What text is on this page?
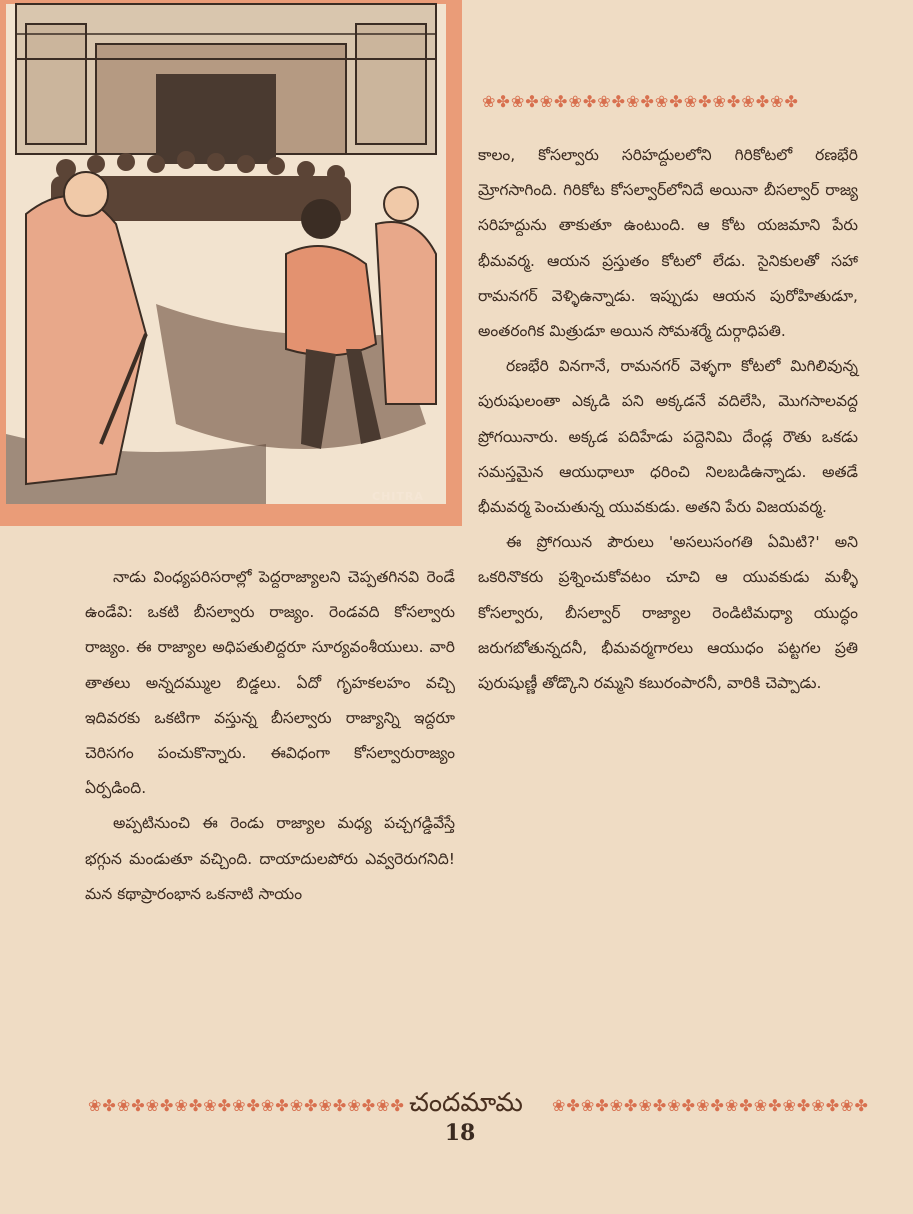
CHITRA
❀✤❀✤❀✤❀✤❀✤❀✤❀✤❀✤❀✤❀✤❀✤

కాలం, కోసల్వారు సరిహద్దులలోని గిరికోటలో రణభేరి మ్రోగసాగింది. గిరికోట కోసల్వార్‌లోనిదే అయినా బీసల్వార్ రాజ్య సరిహద్దును తాకుతూ ఉంటుంది. ఆ కోట యజమాని పేరు భీమవర్మ. ఆయన ప్రస్తుతం కోటలో లేడు. సైనికులతో సహా రామనగర్ వెళ్ళిఉన్నాడు. ఇప్పుడు ఆయన పురోహితుడూ, అంతరంగిక మిత్రుడూ అయిన సోమశర్మే దుర్గాధిపతి.

రణభేరి వినగానే, రామనగర్ వెళ్ళగా కోటలో మిగిలివున్న పురుషులంతా ఎక్కడి పని అక్కడనే వదిలేసి, మొగసాలవద్ద ప్రోగయినారు. అక్కడ పదిహేడు పద్దెనిమి దేండ్ల రౌతు ఒకడు సమస్తమైన ఆయుధాలూ ధరించి నిలబడిఉన్నాడు. అతడే భీమవర్మ పెంచుతున్న యువకుడు. అతని పేరు విజయవర్మ.

ఈ ప్రోగయిన పౌరులు 'అసలుసంగతి ఏమిటి?' అని ఒకరినొకరు ప్రశ్నించుకోవటం చూచి ఆ యువకుడు మళ్ళీ కోసల్వారు, బీసల్వార్ రాజ్యాల రెండిటిమధ్యా యుద్ధం జరుగబోతున్నదనీ, భీమవర్మగారలు ఆయుధం పట్టగల ప్రతి పురుషుణ్ణీ తోడ్కొని రమ్మని కబురంపారనీ, వారికి చెప్పాడు.

నాడు వింధ్యపరిసరాల్లో పెద్దరాజ్యాలని చెప్పతగినవి రెండే ఉండేవి: ఒకటి బీసల్వారు రాజ్యం. రెండవది కోసల్వారు రాజ్యం. ఈ రాజ్యాల అధిపతులిద్దరూ సూర్యవంశీయులు. వారి తాతలు అన్నదమ్ముల బిడ్డలు. ఏదో గృహకలహం వచ్చి ఇదివరకు ఒకటిగా వస్తున్న బీసల్వారు రాజ్యాన్ని ఇద్దరూ చెరిసగం పంచుకొన్నారు. ఈవిధంగా కోసల్వారురాజ్యం ఏర్పడింది.

అప్పటినుంచి ఈ రెండు రాజ్యాల మధ్య పచ్చగడ్డివేస్తే భగ్గున మండుతూ వచ్చింది. దాయాదులపోరు ఎవ్వరెరుగనిది! మన కథాప్రారంభాన ఒకనాటి సాయం

❀✤❀✤❀✤❀✤❀✤❀✤❀✤❀✤❀✤❀✤❀✤ చందమామ	❀✤❀✤❀✤❀✤❀✤❀✤❀✤❀✤❀✤❀✤❀✤
18
